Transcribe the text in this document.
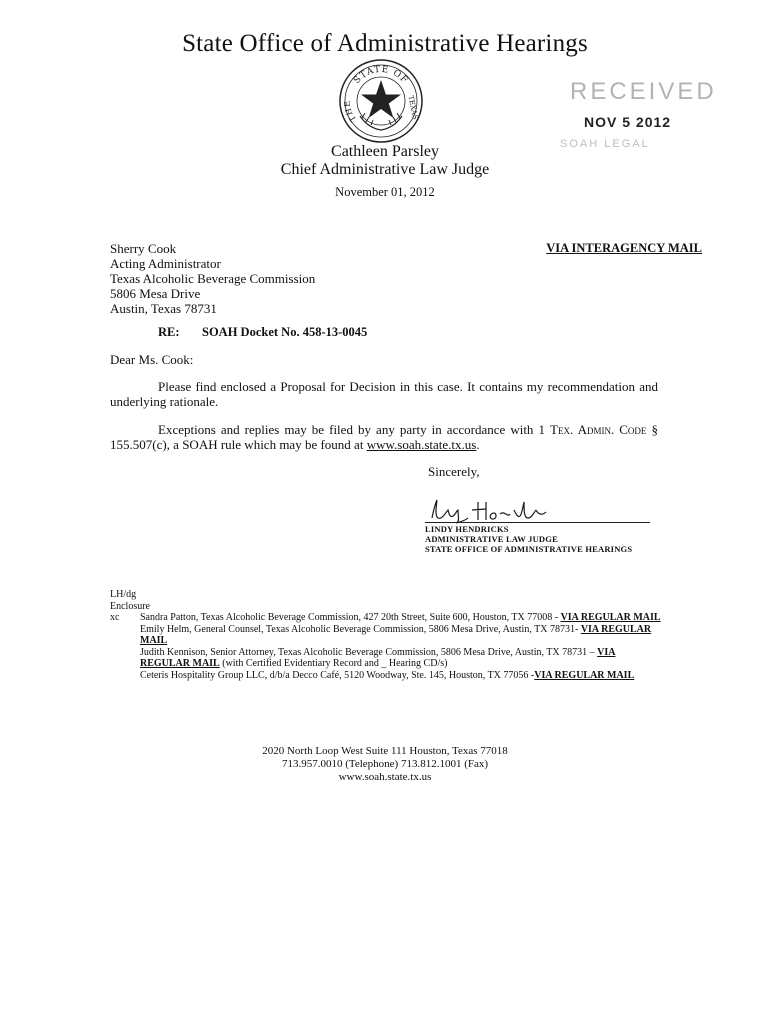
State Office of Administrative Hearings
STATE OF
THE	TEXAS
RECEIVED
NOV 5 2012
SOAH LEGAL
Cathleen Parsley
Chief Administrative Law Judge
November 01, 2012
Sherry Cook
Acting Administrator
Texas Alcoholic Beverage Commission
5806 Mesa Drive
Austin, Texas 78731
VIA INTERAGENCY MAIL
RE: SOAH Docket No. 458-13-0045
Dear Ms. Cook:
Please find enclosed a Proposal for Decision in this case. It contains my recommendation and underlying rationale.
Exceptions and replies may be filed by any party in accordance with 1 Tex. Admin. Code § 155.507(c), a SOAH rule which may be found at www.soah.state.tx.us.
Sincerely,
LINDY HENDRICKS
ADMINISTRATIVE LAW JUDGE
STATE OFFICE OF ADMINISTRATIVE HEARINGS
LH/dg
Enclosure
xc Sandra Patton, Texas Alcoholic Beverage Commission, 427 20th Street, Suite 600, Houston, TX 77008 - VIA REGULAR MAIL

Emily Helm, General Counsel, Texas Alcoholic Beverage Commission, 5806 Mesa Drive, Austin, TX 78731- VIA REGULAR MAIL

Judith Kennison, Senior Attorney, Texas Alcoholic Beverage Commission, 5806 Mesa Drive, Austin, TX 78731 – VIA REGULAR MAIL (with Certified Evidentiary Record and _ Hearing CD/s)

Ceteris Hospitality Group LLC, d/b/a Decco Café, 5120 Woodway, Ste. 145, Houston, TX 77056 -VIA REGULAR MAIL

2020 North Loop West Suite 111 Houston, Texas 77018
713.957.0010 (Telephone) 713.812.1001 (Fax)
www.soah.state.tx.us
